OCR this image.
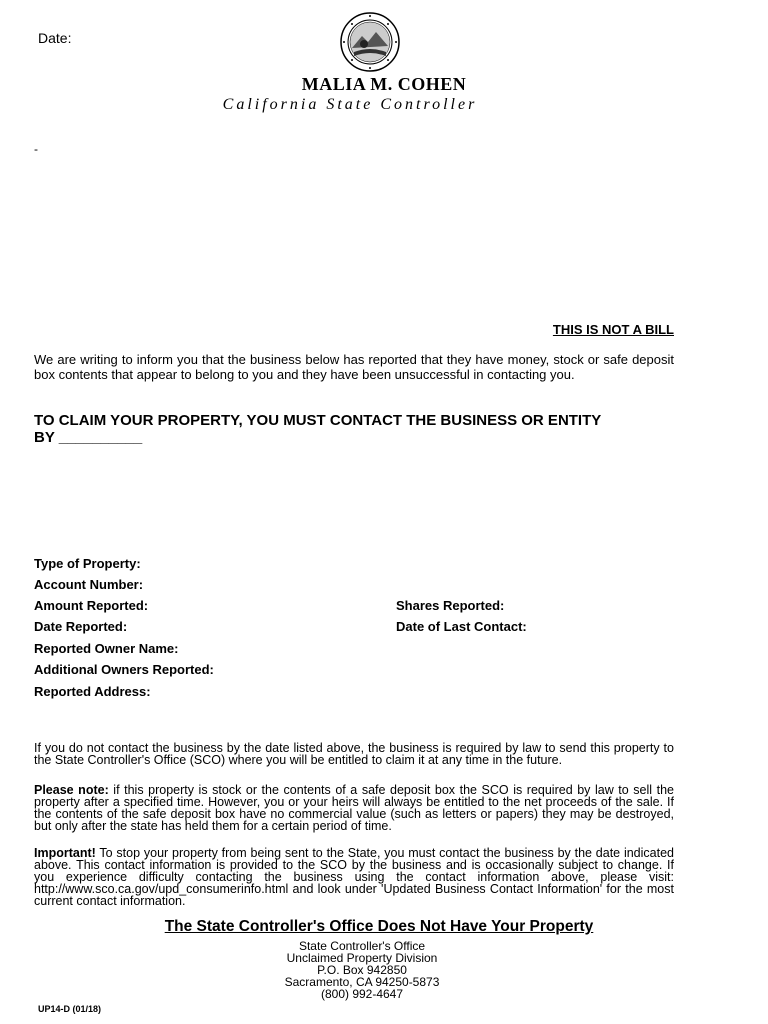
Date:
MALIA M. COHEN
California State Controller
-
THIS IS NOT A BILL
We are writing to inform you that the business below has reported that they have money, stock or safe deposit box contents that appear to belong to you and they have been unsuccessful in contacting you.
TO CLAIM YOUR PROPERTY, YOU MUST CONTACT THE BUSINESS OR ENTITY
BY __________
Type of Property:
Account Number:
Amount Reported:
Date Reported:
Reported Owner Name:
Additional Owners Reported:
Reported Address:
Shares Reported:
Date of Last Contact:
If you do not contact the business by the date listed above, the business is required by law to send this property to the State Controller's Office (SCO) where you will be entitled to claim it at any time in the future.
Please note: if this property is stock or the contents of a safe deposit box the SCO is required by law to sell the property after a specified time. However, you or your heirs will always be entitled to the net proceeds of the sale. If the contents of the safe deposit box have no commercial value (such as letters or papers) they may be destroyed, but only after the state has held them for a certain period of time.
Important! To stop your property from being sent to the State, you must contact the business by the date indicated above. This contact information is provided to the SCO by the business and is occasionally subject to change. If you experience difficulty contacting the business using the contact information above, please visit: http://www.sco.ca.gov/upd_consumerinfo.html and look under 'Updated Business Contact Information' for the most current contact information.
The State Controller's Office Does Not Have Your Property
State Controller's Office
Unclaimed Property Division
P.O. Box 942850
Sacramento, CA 94250-5873
(800) 992-4647
UP14-D (01/18)
